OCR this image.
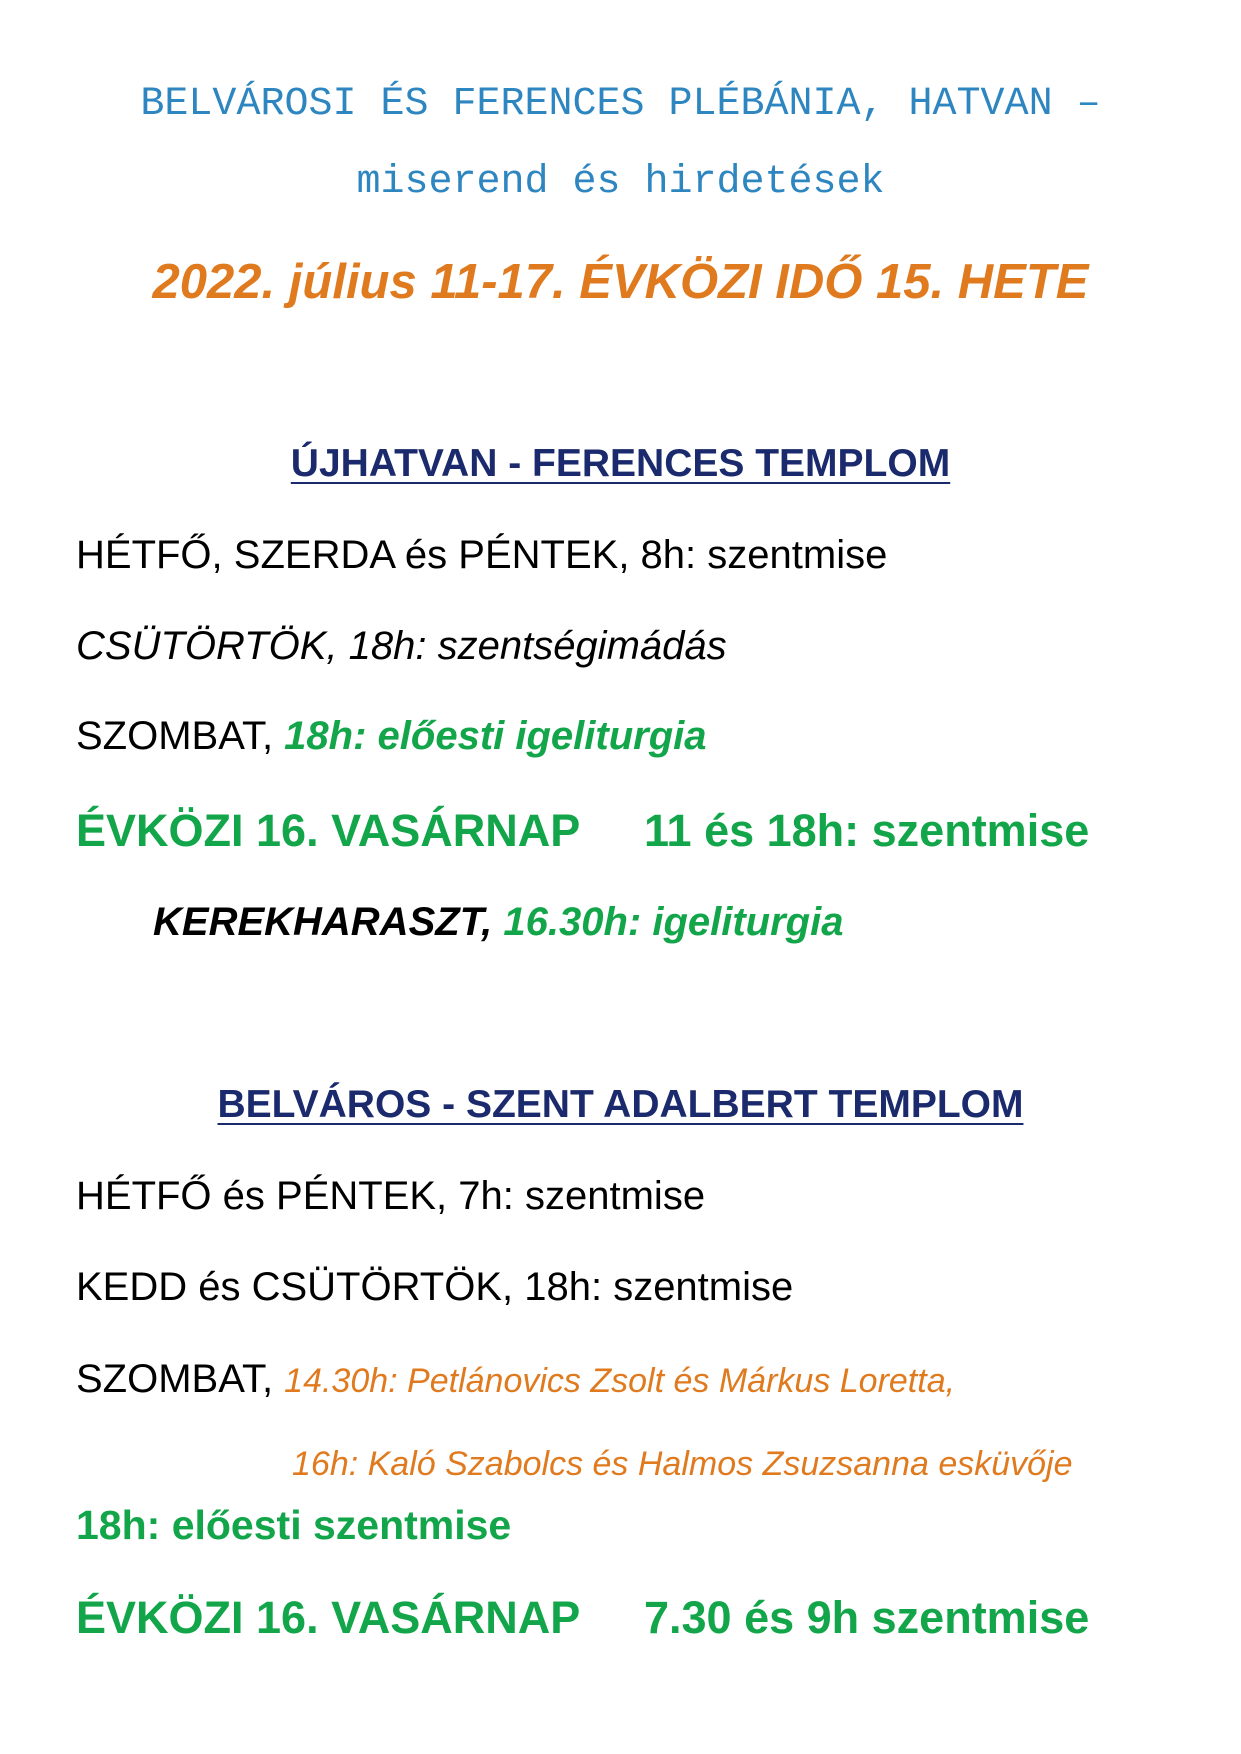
BELVÁROSI ÉS FERENCES PLÉBÁNIA, HATVAN –
miserend és hirdetések
2022. július 11-17. ÉVKÖZI IDŐ 15. HETE
ÚJHATVAN - FERENCES TEMPLOM
HÉTFŐ, SZERDA és PÉNTEK, 8h: szentmise
CSÜTÖRTÖK, 18h: szentségimádás
SZOMBAT, 18h: előesti igeliturgia
ÉVKÖZI 16. VASÁRNAP 11 és 18h: szentmise
KEREKHARASZT, 16.30h: igeliturgia
BELVÁROS - SZENT ADALBERT TEMPLOM
HÉTFŐ és PÉNTEK, 7h: szentmise
KEDD és CSÜTÖRTÖK, 18h: szentmise
SZOMBAT, 14.30h: Petlánovics Zsolt és Márkus Loretta,
16h: Kaló Szabolcs és Halmos Zsuzsanna esküvője
18h: előesti szentmise
ÉVKÖZI 16. VASÁRNAP 7.30 és 9h szentmise
